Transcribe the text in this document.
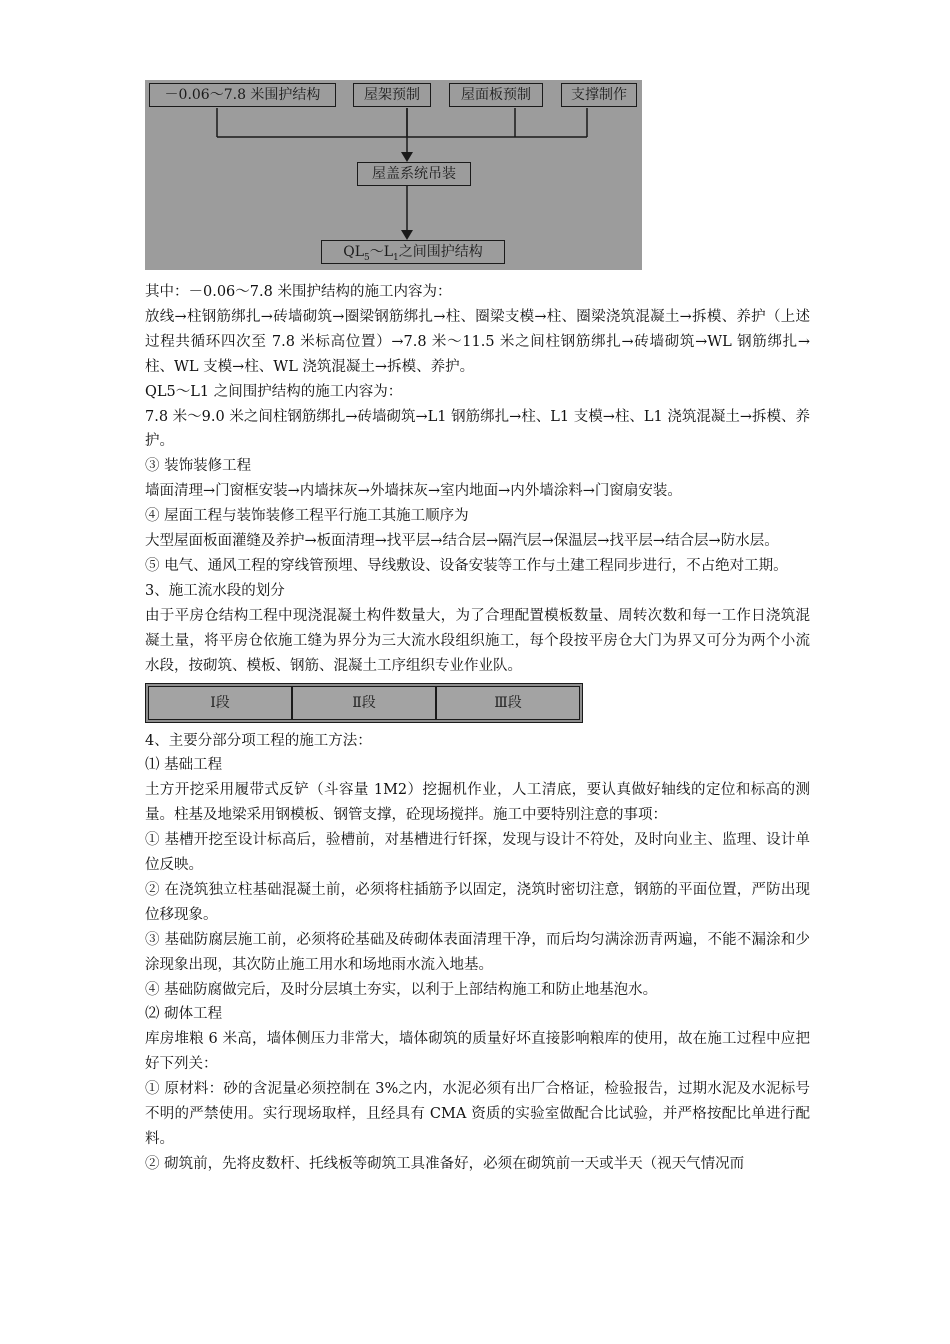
－0.06～7.8 米围护结构	屋架预制	屋面板预制	支撑制作
屋盖系统吊装
$QL_5\sim L_1$之间围护结构

其中：－0.06～7.8 米围护结构的施工内容为：

放线→柱钢筋绑扎→砖墙砌筑→圈梁钢筋绑扎→柱、圈梁支模→柱、圈梁浇筑混凝土→拆模、养护（上述过程共循环四次至 7.8 米标高位置）→7.8 米～11.5 米之间柱钢筋绑扎→砖墙砌筑→WL 钢筋绑扎→柱、WL 支模→柱、WL 浇筑混凝土→拆模、养护。

QL5～L1 之间围护结构的施工内容为：

7.8 米～9.0 米之间柱钢筋绑扎→砖墙砌筑→L1 钢筋绑扎→柱、L1 支模→柱、L1 浇筑混凝土→拆模、养护。

③ 装饰装修工程

墙面清理→门窗框安装→内墙抹灰→外墙抹灰→室内地面→内外墙涂料→门窗扇安装。

④ 屋面工程与装饰装修工程平行施工其施工顺序为

大型屋面板面灌缝及养护→板面清理→找平层→结合层→隔汽层→保温层→找平层→结合层→防水层。

⑤ 电气、通风工程的穿线管预埋、导线敷设、设备安装等工作与土建工程同步进行，不占绝对工期。

3、施工流水段的划分

由于平房仓结构工程中现浇混凝土构件数量大，为了合理配置模板数量、周转次数和每一工作日浇筑混凝土量，将平房仓依施工缝为界分为三大流水段组织施工，每个段按平房仓大门为界又可分为两个小流水段，按砌筑、模板、钢筋、混凝土工序组织专业作业队。

Ⅰ段	Ⅱ段	Ⅲ段

4、主要分部分项工程的施工方法：

⑴ 基础工程

土方开挖采用履带式反铲（斗容量 1M2）挖掘机作业，人工清底，要认真做好轴线的定位和标高的测量。柱基及地梁采用钢模板、钢管支撑，砼现场搅拌。施工中要特别注意的事项：

① 基槽开挖至设计标高后，验槽前，对基槽进行钎探，发现与设计不符处，及时向业主、监理、设计单位反映。

② 在浇筑独立柱基础混凝土前，必须将柱插筋予以固定，浇筑时密切注意，钢筋的平面位置，严防出现位移现象。

③ 基础防腐层施工前，必须将砼基础及砖砌体表面清理干净，而后均匀满涂沥青两遍，不能不漏涂和少涂现象出现，其次防止施工用水和场地雨水流入地基。

④ 基础防腐做完后，及时分层填土夯实，以利于上部结构施工和防止地基泡水。

⑵ 砌体工程

库房堆粮 6 米高，墙体侧压力非常大，墙体砌筑的质量好坏直接影响粮库的使用，故在施工过程中应把好下列关：

① 原材料：砂的含泥量必须控制在 3%之内，水泥必须有出厂合格证，检验报告，过期水泥及水泥标号不明的严禁使用。实行现场取样，且经具有 CMA 资质的实验室做配合比试验，并严格按配比单进行配料。

② 砌筑前，先将皮数杆、托线板等砌筑工具准备好，必须在砌筑前一天或半天（视天气情况而
